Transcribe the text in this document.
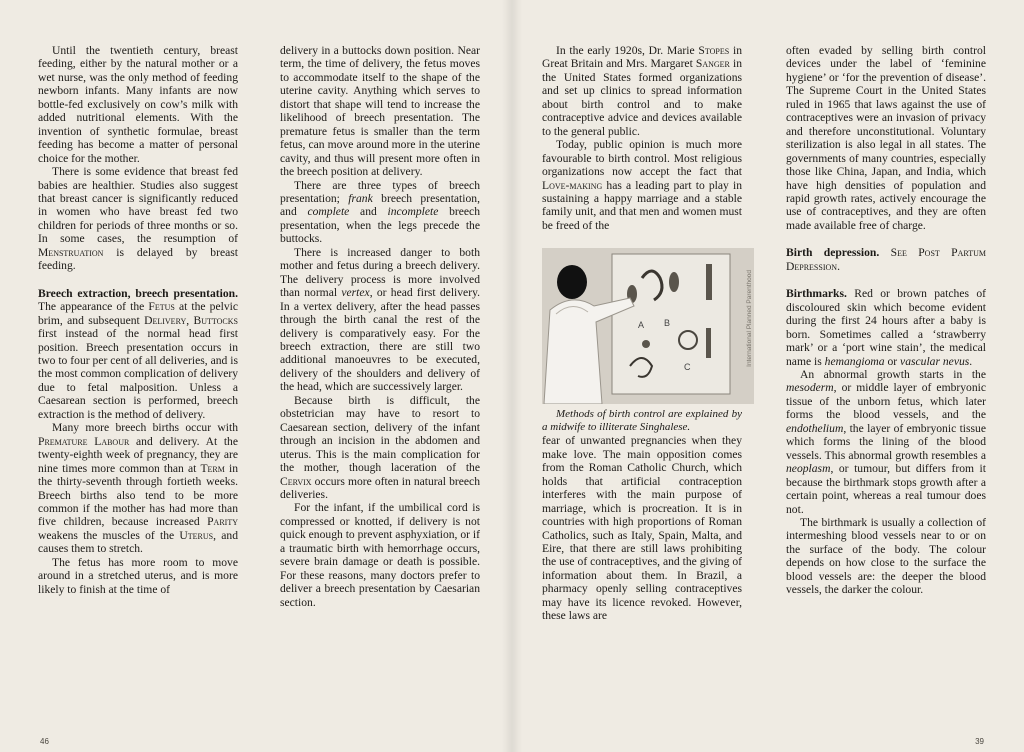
Until the twentieth century, breast feeding, either by the natural mother or a wet nurse, was the only method of feeding newborn infants. Many infants are now bottle-fed exclusively on cow’s milk with added nutritional elements. With the invention of synthetic formulae, breast feeding has become a matter of personal choice for the mother.

There is some evidence that breast fed babies are healthier. Studies also suggest that breast cancer is significantly reduced in women who have breast fed two children for periods of three months or so. In some cases, the resumption of Menstruation is delayed by breast feeding.

Breech extraction, breech presentation. The appearance of the Fetus at the pelvic brim, and subsequent Delivery, Buttocks first instead of the normal head first position. Breech presentation occurs in two to four per cent of all deliveries, and is the most common complication of delivery due to fetal malposition. Unless a Caesarean section is performed, breech extraction is the method of delivery.

Many more breech births occur with Premature Labour and delivery. At the twenty-eighth week of pregnancy, they are nine times more common than at Term in the thirty-seventh through fortieth weeks. Breech births also tend to be more common if the mother has had more than five children, because increased Parity weakens the muscles of the Uterus, and causes them to stretch.

The fetus has more room to move around in a stretched uterus, and is more likely to finish at the time of

delivery in a buttocks down position. Near term, the time of delivery, the fetus moves to accommodate itself to the shape of the uterine cavity. Anything which serves to distort that shape will tend to increase the likelihood of breech presentation. The premature fetus is smaller than the term fetus, can move around more in the uterine cavity, and thus will present more often in the breech position at delivery.

There are three types of breech presentation; frank breech presentation, and complete and incomplete breech presentation, when the legs precede the buttocks.

There is increased danger to both mother and fetus during a breech delivery. The delivery process is more involved than normal vertex, or head first delivery. In a vertex delivery, after the head passes through the birth canal the rest of the delivery is comparatively easy. For the breech extraction, there are still two additional manoeuvres to be executed, delivery of the shoulders and delivery of the head, which are successively larger.

Because birth is difficult, the obstetrician may have to resort to Caesarean section, delivery of the infant through an incision in the abdomen and uterus. This is the main complication for the mother, though laceration of the Cervix occurs more often in natural breech deliveries.

For the infant, if the umbilical cord is compressed or knotted, if delivery is not quick enough to prevent asphyxiation, or if a traumatic birth with hemorrhage occurs, severe brain damage or death is possible. For these reasons, many doctors prefer to deliver a breech presentation by Caesarian section.

In the early 1920s, Dr. Marie Stopes in Great Britain and Mrs. Margaret Sanger in the United States formed organizations and set up clinics to spread information about birth control and to make contraceptive advice and devices available to the general public.

Today, public opinion is much more favourable to birth control. Most religious organizations now accept the fact that Love-making has a leading part to play in sustaining a happy marriage and a stable family unit, and that men and women must be freed of the

A B
C
International Planned Parenthood

Methods of birth control are explained by a midwife to illiterate Singhalese.

fear of unwanted pregnancies when they make love. The main opposition comes from the Roman Catholic Church, which holds that artificial contraception interferes with the main purpose of marriage, which is procreation. It is in countries with high proportions of Roman Catholics, such as Italy, Spain, Malta, and Eire, that there are still laws prohibiting the use of contraceptives, and the giving of information about them. In Brazil, a pharmacy openly selling contraceptives may have its licence revoked. However, these laws are

often evaded by selling birth control devices under the label of ‘feminine hygiene’ or ‘for the prevention of disease’. The Supreme Court in the United States ruled in 1965 that laws against the use of contraceptives were an invasion of privacy and therefore unconstitutional. Voluntary sterilization is also legal in all states. The governments of many countries, especially those like China, Japan, and India, which have high densities of population and rapid growth rates, actively encourage the use of contraceptives, and they are often made available free of charge.

Birth depression. See Post Partum Depression.

Birthmarks. Red or brown patches of discoloured skin which become evident during the first 24 hours after a baby is born. Sometimes called a ‘strawberry mark’ or a ‘port wine stain’, the medical name is hemangioma or vascular nevus.

An abnormal growth starts in the mesoderm, or middle layer of embryonic tissue of the unborn fetus, which later forms the blood vessels, and the endothelium, the layer of embryonic tissue which forms the lining of the blood vessels. This abnormal growth resembles a neoplasm, or tumour, but differs from it because the birthmark stops growth after a certain point, whereas a real tumour does not.

The birthmark is usually a collection of intermeshing blood vessels near to or on the surface of the body. The colour depends on how close to the surface the blood vessels are: the deeper the blood vessels, the darker the colour.

46	39
